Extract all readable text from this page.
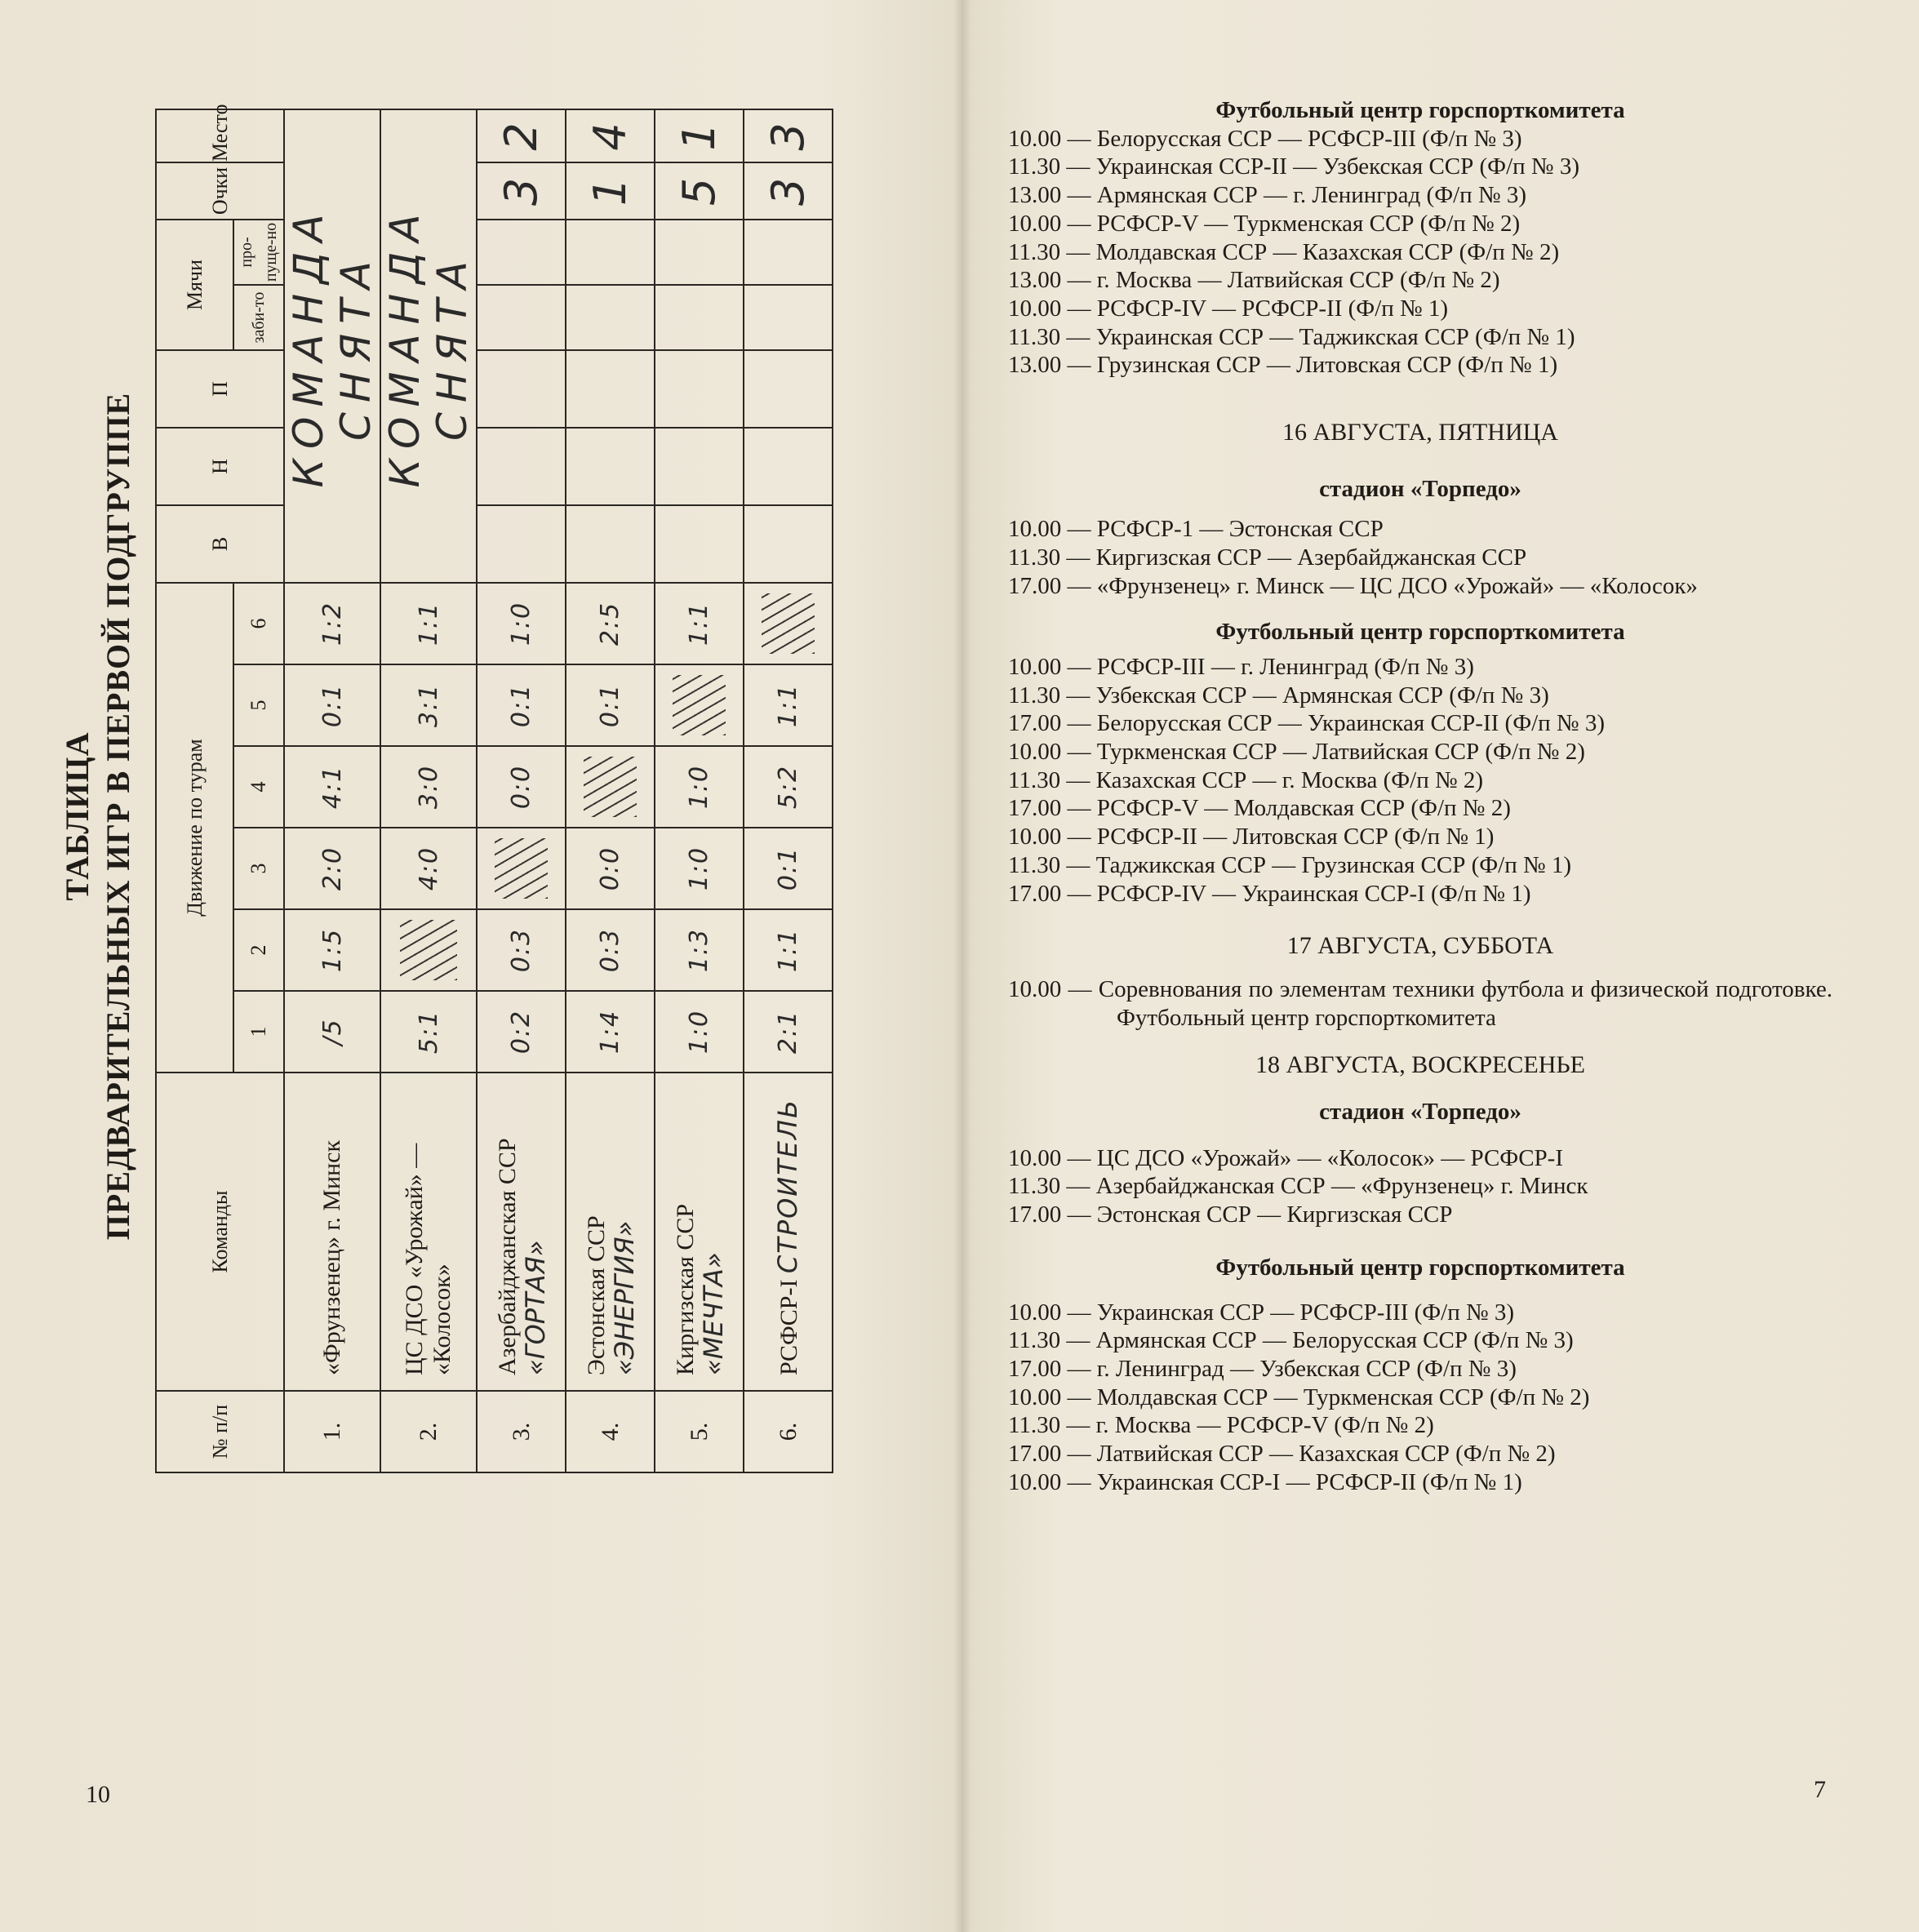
ТАБЛИЦА ПРЕДВАРИТЕЛЬНЫХ ИГР В ПЕРВОЙ ПОДГРУППЕ
№ п/п	Команды	Движение по турам						В	Н	П	Мячи		Очки	Место
		1	2	3	4	5	6				заби-то	про-пуще-но		
1.	«Фрунзенец» г. Минск	/5	1:5	2:0	4:1	0:1	1:2	КОМАНДА СНЯТА						
2.	ЦС ДСО «Урожай» — «Колосок»	5:1		4:0	3:0	3:1	1:1	КОМАНДА СНЯТА						
3.	Азербайджанская ССР «ГОРТАЯ»	0:2	0:3		0:0	0:1	1:0						3	2
4.	Эстонская ССР «ЭНЕРГИЯ»	1:4	0:3	0:0		0:1	2:5						1	4
5.	Киргизская ССР «МЕЧТА»	1:0	1:3	1:0	1:0		1:1						5	1
6.	РСФСР-I СТРОИТЕЛЬ	2:1	1:1	0:1	5:2	1:1							3	3
10
Футбольный центр горспорткомитета
10.00 — Белорусская ССР — РСФСР-III (Ф/п № 3)
11.30 — Украинская ССР-II — Узбекская ССР (Ф/п № 3)
13.00 — Армянская ССР — г. Ленинград (Ф/п № 3)
10.00 — РСФСР-V — Туркменская ССР (Ф/п № 2)
11.30 — Молдавская ССР — Казахская ССР (Ф/п № 2)
13.00 — г. Москва — Латвийская ССР (Ф/п № 2)
10.00 — РСФСР-IV — РСФСР-II (Ф/п № 1)
11.30 — Украинская ССР — Таджикская ССР (Ф/п № 1)
13.00 — Грузинская ССР — Литовская ССР (Ф/п № 1)
16 АВГУСТА, ПЯТНИЦА
стадион «Торпедо»
10.00 — РСФСР-1 — Эстонская ССР
11.30 — Киргизская ССР — Азербайджанская ССР
17.00 — «Фрунзенец» г. Минск — ЦС ДСО «Урожай» — «Колосок»
Футбольный центр горспорткомитета
10.00 — РСФСР-III — г. Ленинград (Ф/п № 3)
11.30 — Узбекская ССР — Армянская ССР (Ф/п № 3)
17.00 — Белорусская ССР — Украинская ССР-II (Ф/п № 3)
10.00 — Туркменская ССР — Латвийская ССР (Ф/п № 2)
11.30 — Казахская ССР — г. Москва (Ф/п № 2)
17.00 — РСФСР-V — Молдавская ССР (Ф/п № 2)
10.00 — РСФСР-II — Литовская ССР (Ф/п № 1)
11.30 — Таджикская ССР — Грузинская ССР (Ф/п № 1)
17.00 — РСФСР-IV — Украинская ССР-I (Ф/п № 1)
17 АВГУСТА, СУББОТА
10.00 — Соревнования по элементам техники футбола и физической подготовке. Футбольный центр горспорткомитета
18 АВГУСТА, ВОСКРЕСЕНЬЕ
стадион «Торпедо»
10.00 — ЦС ДСО «Урожай» — «Колосок» — РСФСР-I
11.30 — Азербайджанская ССР — «Фрунзенец» г. Минск
17.00 — Эстонская ССР — Киргизская ССР
Футбольный центр горспорткомитета
10.00 — Украинская ССР — РСФСР-III (Ф/п № 3)
11.30 — Армянская ССР — Белорусская ССР (Ф/п № 3)
17.00 — г. Ленинград — Узбекская ССР (Ф/п № 3)
10.00 — Молдавская ССР — Туркменская ССР (Ф/п № 2)
11.30 — г. Москва — РСФСР-V (Ф/п № 2)
17.00 — Латвийская ССР — Казахская ССР (Ф/п № 2)
10.00 — Украинская ССР-I — РСФСР-II (Ф/п № 1)
7
